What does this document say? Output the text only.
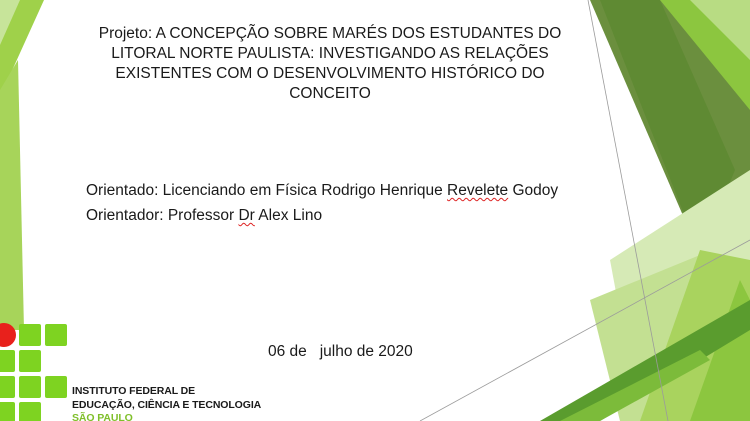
Projeto: A CONCEPÇÃO SOBRE MARÉS DOS ESTUDANTES DO LITORAL NORTE PAULISTA: INVESTIGANDO AS RELAÇÕES EXISTENTES COM O DESENVOLVIMENTO HISTÓRICO DO CONCEITO
Orientado: Licenciando em Física Rodrigo Henrique Revelete Godoy
Orientador: Professor Dr Alex Lino
06 de   julho de 2020
INSTITUTO FEDERAL DE
EDUCAÇÃO, CIÊNCIA E TECNOLOGIA
SÃO PAULO
